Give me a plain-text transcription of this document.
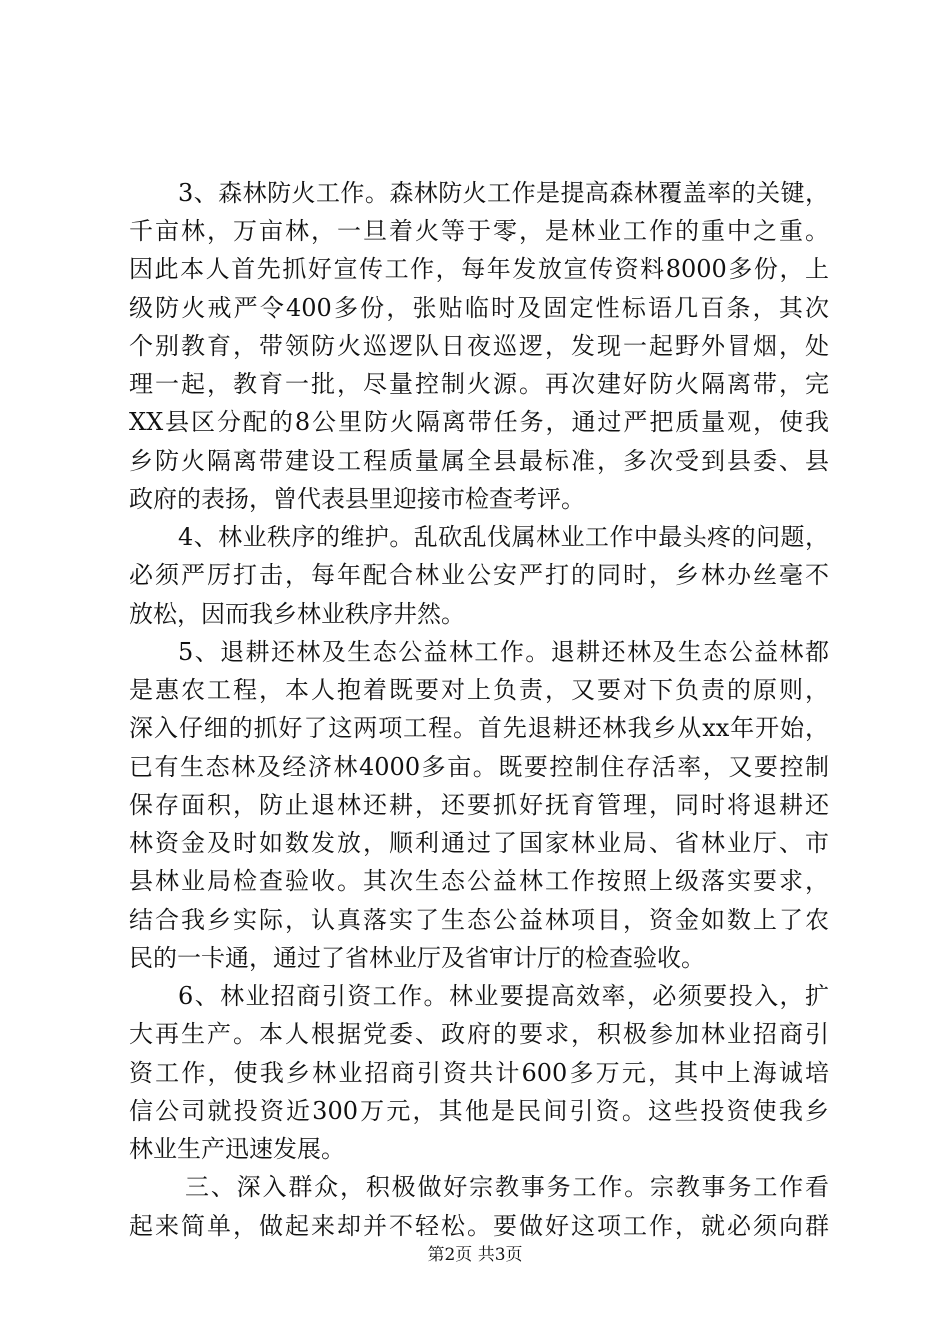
3、森林防火工作。森林防火工作是提高森林覆盖率的关键，
千亩林，万亩林，一旦着火等于零，是林业工作的重中之重。
因此本人首先抓好宣传工作，每年发放宣传资料8000多份，上
级防火戒严令400多份，张贴临时及固定性标语几百条，其次
个别教育，带领防火巡逻队日夜巡逻，发现一起野外冒烟，处
理一起，教育一批，尽量控制火源。再次建好防火隔离带，完
XX县区分配的8公里防火隔离带任务，通过严把质量观，使我
乡防火隔离带建设工程质量属全县最标准，多次受到县委、县
政府的表扬，曾代表县里迎接市检查考评。
4、林业秩序的维护。乱砍乱伐属林业工作中最头疼的问题，
必须严厉打击，每年配合林业公安严打的同时，乡林办丝毫不
放松，因而我乡林业秩序井然。
5、退耕还林及生态公益林工作。退耕还林及生态公益林都
是惠农工程，本人抱着既要对上负责，又要对下负责的原则，
深入仔细的抓好了这两项工程。首先退耕还林我乡从xx年开始，
已有生态林及经济林4000多亩。既要控制住存活率，又要控制
保存面积，防止退林还耕，还要抓好抚育管理，同时将退耕还
林资金及时如数发放，顺利通过了国家林业局、省林业厅、市
县林业局检查验收。其次生态公益林工作按照上级落实要求，
结合我乡实际，认真落实了生态公益林项目，资金如数上了农
民的一卡通，通过了省林业厅及省审计厅的检查验收。
6、林业招商引资工作。林业要提高效率，必须要投入，扩
大再生产。本人根据党委、政府的要求，积极参加林业招商引
资工作，使我乡林业招商引资共计600多万元，其中上海诚培
信公司就投资近300万元，其他是民间引资。这些投资使我乡
林业生产迅速发展。
三、深入群众，积极做好宗教事务工作。宗教事务工作看
起来简单，做起来却并不轻松。要做好这项工作，就必须向群
第2页 共3页
